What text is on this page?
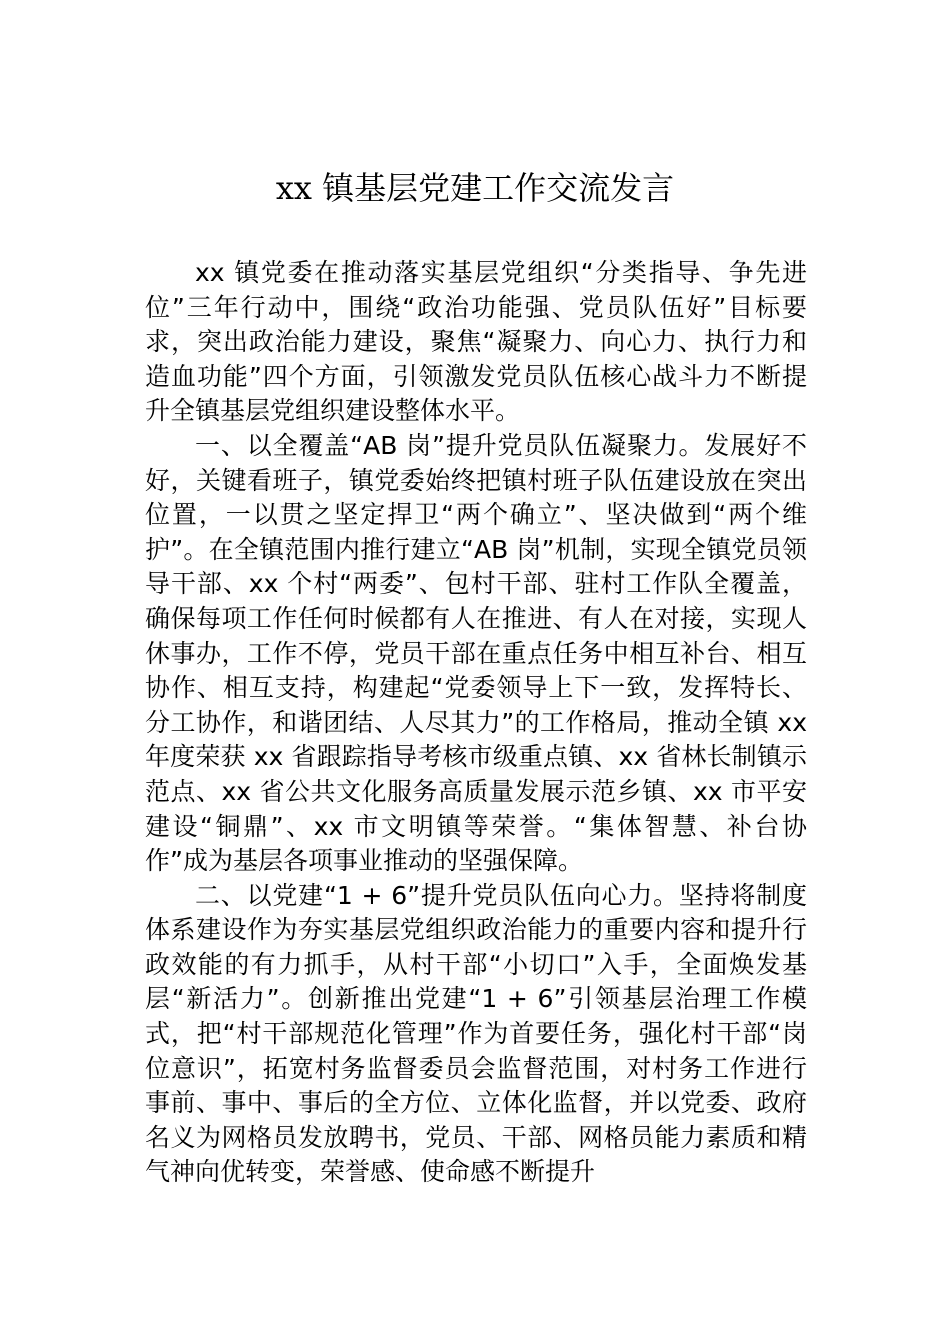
xx 镇基层党建工作交流发言

xx 镇党委在推动落实基层党组织“分类指导、争先进位”三年行动中，围绕“政治功能强、党员队伍好”目标要求，突出政治能力建设，聚焦“凝聚力、向心力、执行力和造血功能”四个方面，引领激发党员队伍核心战斗力不断提升全镇基层党组织建设整体水平。

一、以全覆盖“AB 岗”提升党员队伍凝聚力。发展好不好，关键看班子，镇党委始终把镇村班子队伍建设放在突出位置，一以贯之坚定捍卫“两个确立”、坚决做到“两个维护”。在全镇范围内推行建立“AB 岗”机制，实现全镇党员领导干部、xx 个村“两委”、包村干部、驻村工作队全覆盖，确保每项工作任何时候都有人在推进、有人在对接，实现人休事办，工作不停，党员干部在重点任务中相互补台、相互协作、相互支持，构建起“党委领导上下一致，发挥特长、分工协作，和谐团结、人尽其力”的工作格局，推动全镇 xx 年度荣获 xx 省跟踪指导考核市级重点镇、xx 省林长制镇示范点、xx 省公共文化服务高质量发展示范乡镇、xx 市平安建设“铜鼎”、xx 市文明镇等荣誉。“集体智慧、补台协作”成为基层各项事业推动的坚强保障。

二、以党建“1 + 6”提升党员队伍向心力。坚持将制度体系建设作为夯实基层党组织政治能力的重要内容和提升行政效能的有力抓手，从村干部“小切口”入手，全面焕发基层“新活力”。创新推出党建“1 + 6”引领基层治理工作模式，把“村干部规范化管理”作为首要任务，强化村干部“岗位意识”，拓宽村务监督委员会监督范围，对村务工作进行事前、事中、事后的全方位、立体化监督，并以党委、政府名义为网格员发放聘书，党员、干部、网格员能力素质和精气神向优转变，荣誉感、使命感不断提升
